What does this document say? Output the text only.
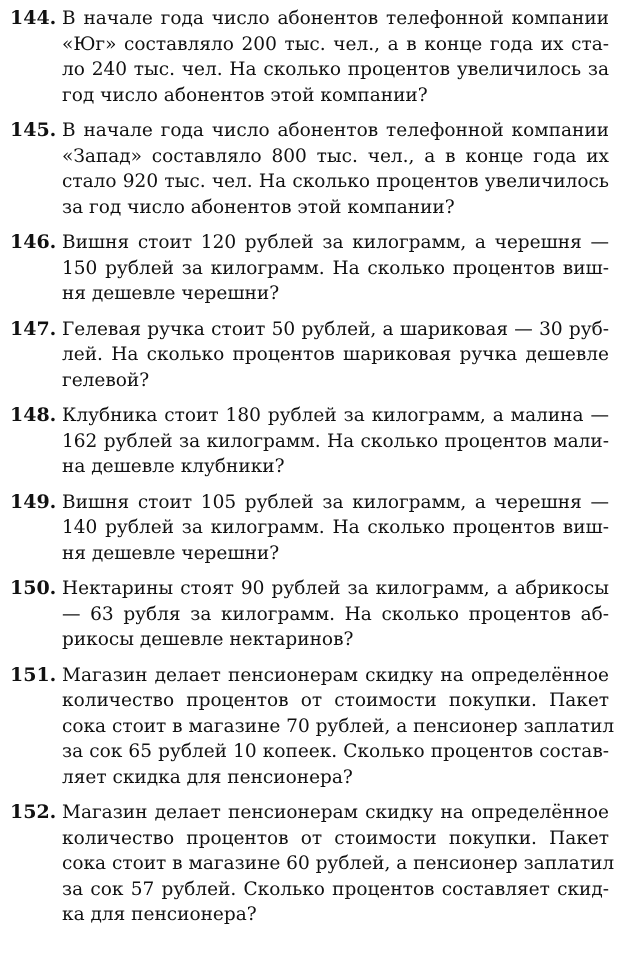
144. В начале года число абонентов телефонной компании
«Юг» составляло 200 тыс. чел., а в конце года их ста-
ло 240 тыс. чел. На сколько процентов увеличилось за
год число абонентов этой компании?
145. В начале года число абонентов телефонной компании
«Запад» составляло 800 тыс. чел., а в конце года их
стало 920 тыс. чел. На сколько процентов увеличилось
за год число абонентов этой компании?
146. Вишня стоит 120 рублей за килограмм, а черешня —
150 рублей за килограмм. На сколько процентов виш-
ня дешевле черешни?
147. Гелевая ручка стоит 50 рублей, а шариковая — 30 руб-
лей. На сколько процентов шариковая ручка дешевле
гелевой?
148. Клубника стоит 180 рублей за килограмм, а малина —
162 рублей за килограмм. На сколько процентов мали-
на дешевле клубники?
149. Вишня стоит 105 рублей за килограмм, а черешня —
140 рублей за килограмм. На сколько процентов виш-
ня дешевле черешни?
150. Нектарины стоят 90 рублей за килограмм, а абрикосы
— 63 рубля за килограмм. На сколько процентов аб-
рикосы дешевле нектаринов?
151. Магазин делает пенсионерам скидку на определённое
количество процентов от стоимости покупки. Пакет
сока стоит в магазине 70 рублей, а пенсионер заплатил
за сок 65 рублей 10 копеек. Сколько процентов состав-
ляет скидка для пенсионера?
152. Магазин делает пенсионерам скидку на определённое
количество процентов от стоимости покупки. Пакет
сока стоит в магазине 60 рублей, а пенсионер заплатил
за сок 57 рублей. Сколько процентов составляет скид-
ка для пенсионера?
